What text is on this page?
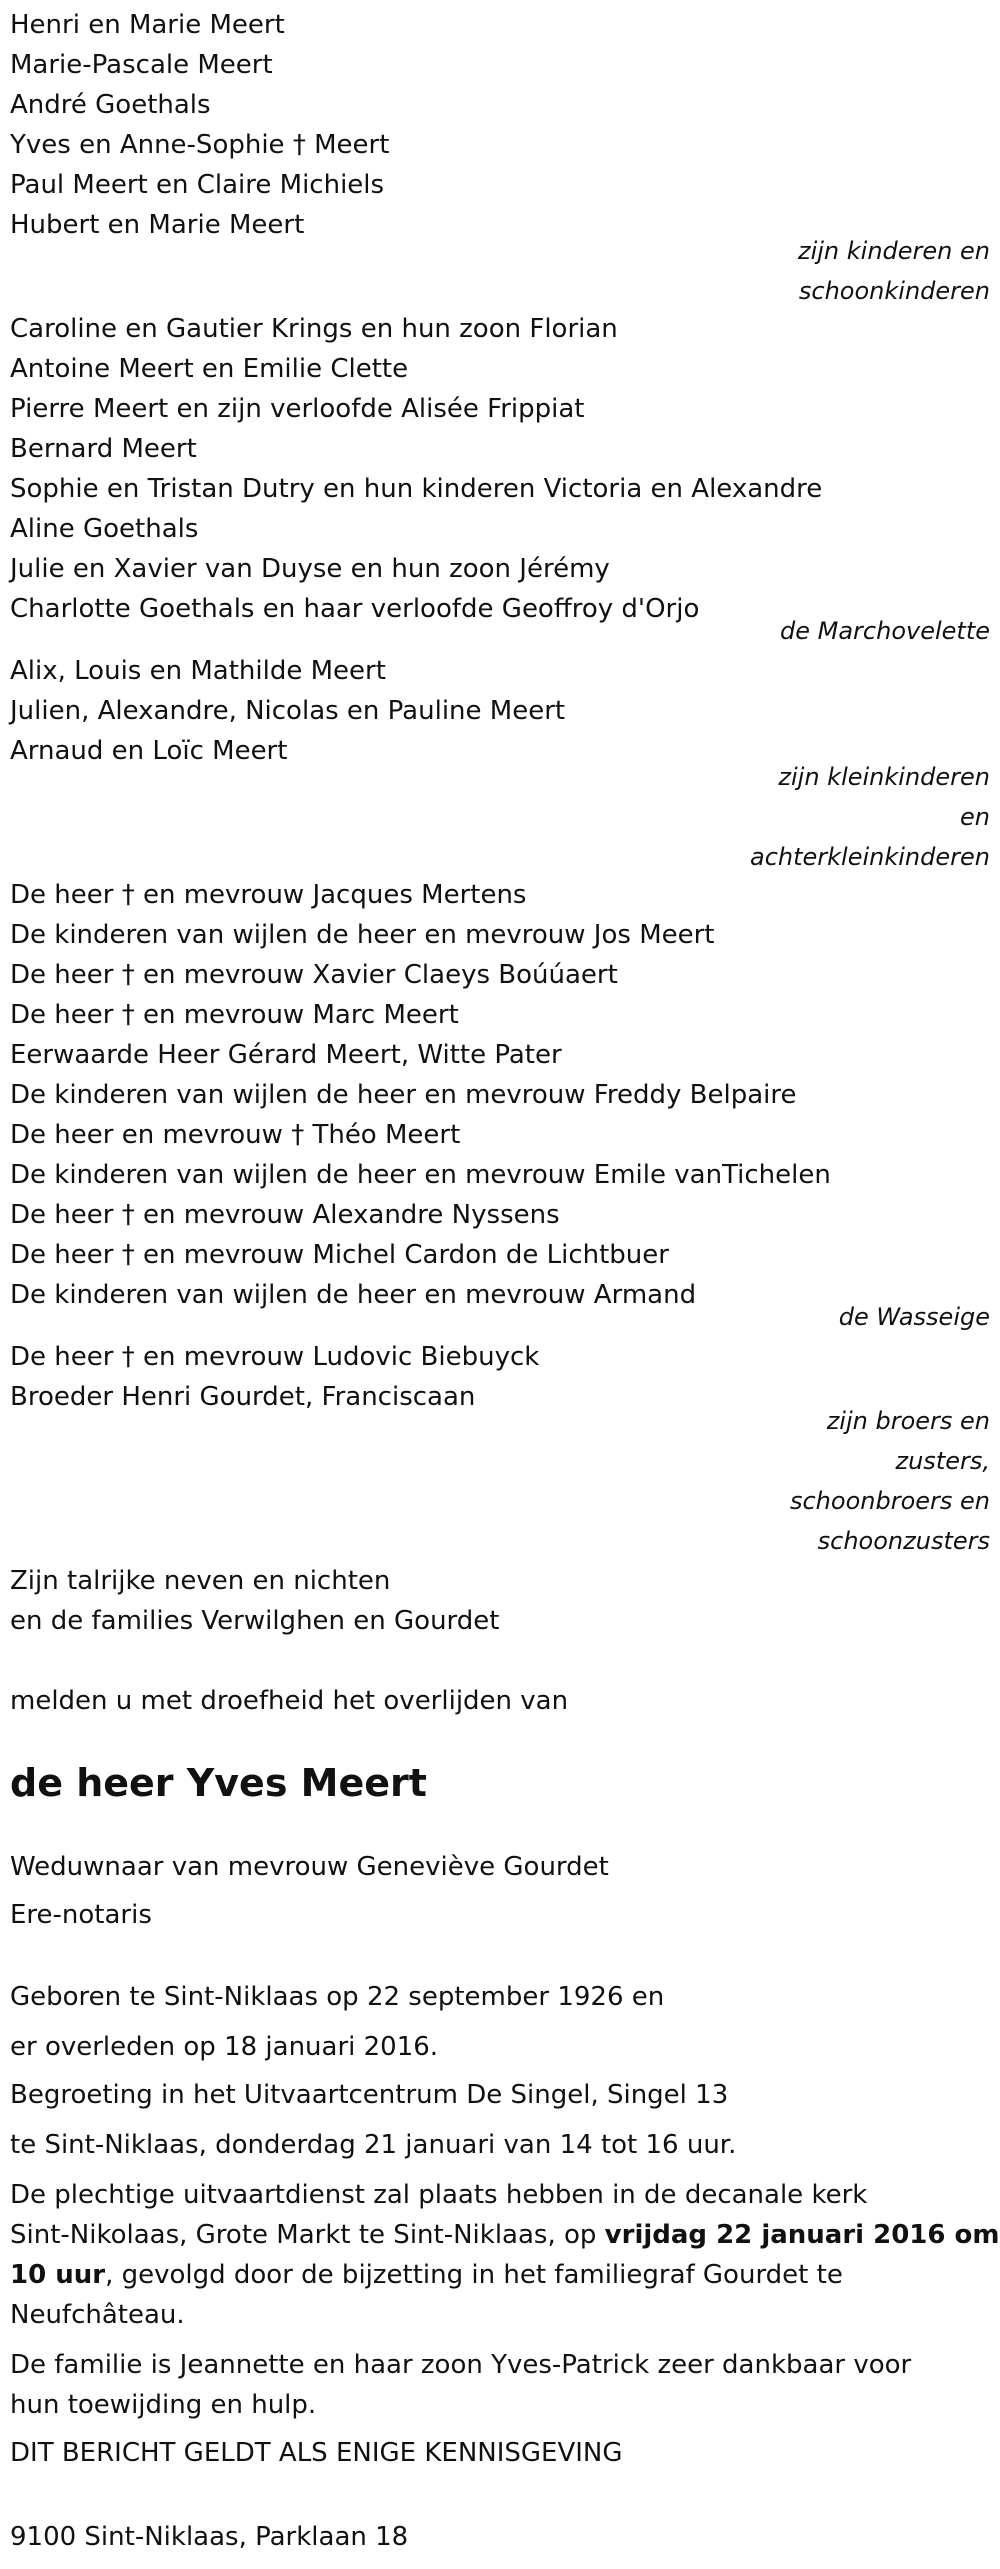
Henri en Marie Meert
Marie-Pascale Meert
André Goethals
Yves en Anne-Sophie † Meert
Paul Meert en Claire Michiels
Hubert en Marie Meert
zijn kinderen en
schoonkinderen
Caroline en Gautier Krings en hun zoon Florian
Antoine Meert en Emilie Clette
Pierre Meert en zijn verloofde Alisée Frippiat
Bernard Meert
Sophie en Tristan Dutry en hun kinderen Victoria en Alexandre
Aline Goethals
Julie en Xavier van Duyse en hun zoon Jérémy
Charlotte Goethals en haar verloofde Geoffroy d'Orjo
de Marchovelette
Alix, Louis en Mathilde Meert
Julien, Alexandre, Nicolas en Pauline Meert
Arnaud en Loïc Meert
zijn kleinkinderen
en
achterkleinkinderen
De heer † en mevrouw Jacques Mertens
De kinderen van wijlen de heer en mevrouw Jos Meert
De heer † en mevrouw Xavier Claeys Boúúaert
De heer † en mevrouw Marc Meert
Eerwaarde Heer Gérard Meert, Witte Pater
De kinderen van wijlen de heer en mevrouw Freddy Belpaire
De heer en mevrouw † Théo Meert
De kinderen van wijlen de heer en mevrouw Emile vanTichelen
De heer † en mevrouw Alexandre Nyssens
De heer † en mevrouw Michel Cardon de Lichtbuer
De kinderen van wijlen de heer en mevrouw Armand
de Wasseige
De heer † en mevrouw Ludovic Biebuyck
Broeder Henri Gourdet, Franciscaan
zijn broers en
zusters,
schoonbroers en
schoonzusters
Zijn talrijke neven en nichten
en de families Verwilghen en Gourdet
melden u met droefheid het overlijden van
de heer Yves Meert
Weduwnaar van mevrouw Geneviève Gourdet
Ere-notaris
Geboren te Sint-Niklaas op 22 september 1926 en
er overleden op 18 januari 2016.
Begroeting in het Uitvaartcentrum De Singel, Singel 13
te Sint-Niklaas, donderdag 21 januari van 14 tot 16 uur.
De plechtige uitvaartdienst zal plaats hebben in de decanale kerk
Sint-Nikolaas, Grote Markt te Sint-Niklaas, op vrijdag 22 januari 2016 om
10 uur, gevolgd door de bijzetting in het familiegraf Gourdet te
Neufchâteau.
De familie is Jeannette en haar zoon Yves-Patrick zeer dankbaar voor
hun toewijding en hulp.
DIT BERICHT GELDT ALS ENIGE KENNISGEVING
9100 Sint-Niklaas, Parklaan 18
